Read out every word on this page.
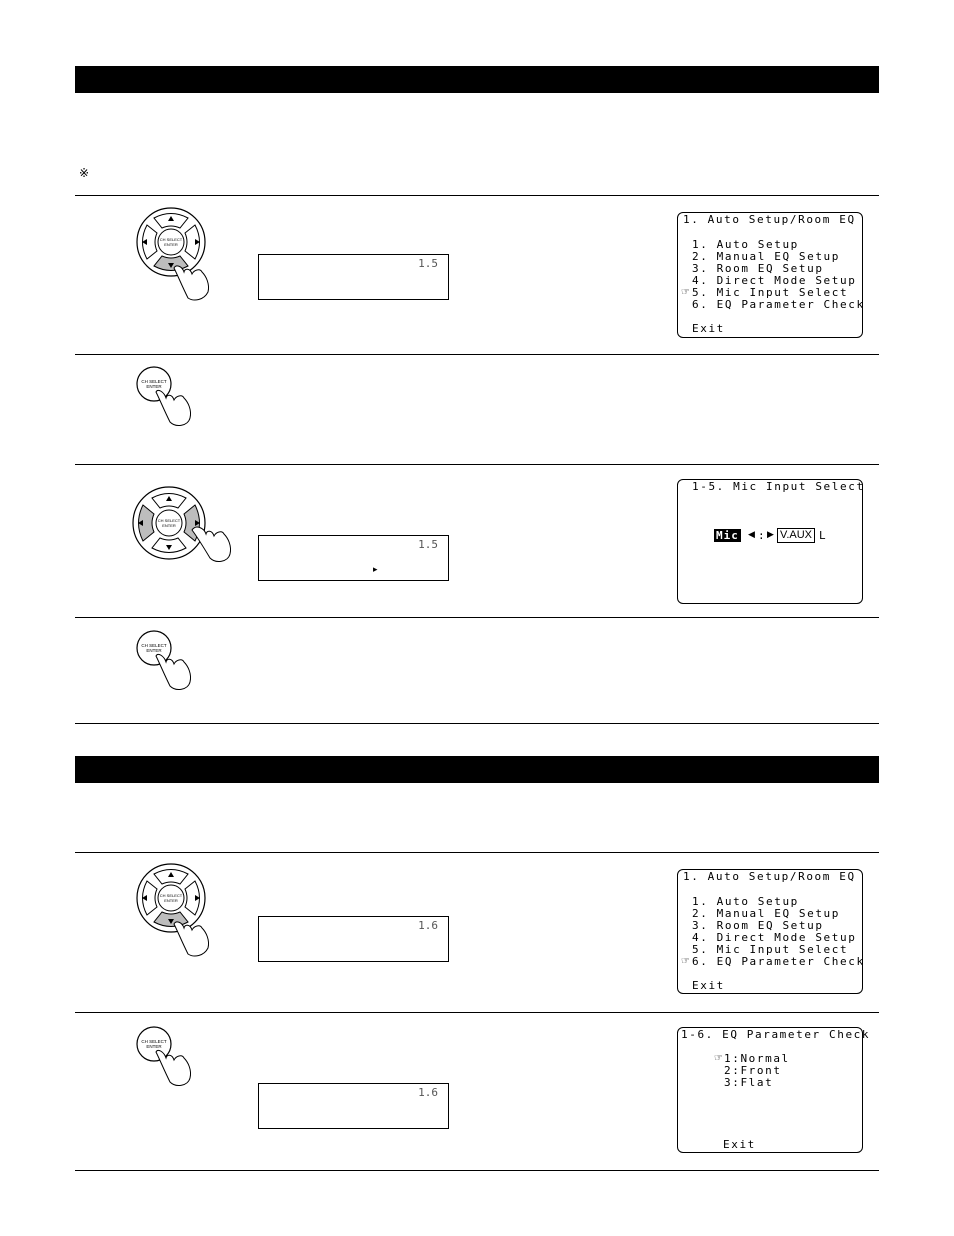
※
CH SELECT
ENTER
1.5
1. Auto Setup/Room EQ
1. Auto Setup
2. Manual EQ Setup
3. Room EQ Setup
4. Direct Mode Setup
☞ 5. Mic Input Select
6. EQ Parameter Check
Exit
CH SELECT
ENTER
CH SELECT
ENTER
1.5
▸
1-5. Mic Input Select
Mic ◀ : ▶ V.AUX L
CH SELECT
ENTER
CH SELECT
ENTER
1.6
1. Auto Setup/Room EQ
1. Auto Setup
2. Manual EQ Setup
3. Room EQ Setup
4. Direct Mode Setup
5. Mic Input Select
☞ 6. EQ Parameter Check
Exit
CH SELECT
ENTER
1.6
1-6. EQ Parameter Check
☞ 1:Normal
2:Front
3:Flat
Exit
